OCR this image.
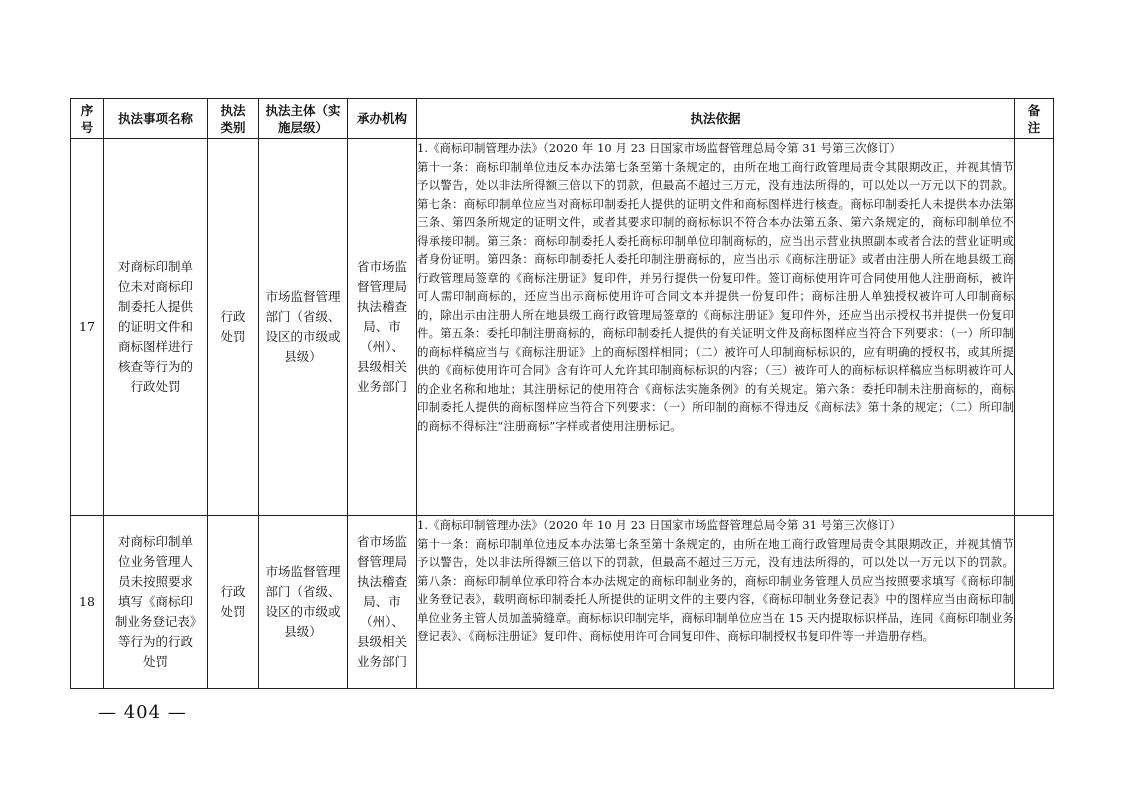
序号	执法事项名称	执法类别	执法主体（实施层级）	承办机构	执法依据	备注
17	对商标印制单位未对商标印制委托人提供的证明文件和商标图样进行核查等行为的行政处罚	行政处罚	市场监督管理部门（省级、设区的市级或县级）	省市场监督管理局执法稽查局、市（州）、县级相关业务部门	1.《商标印制管理办法》（2020 年 10 月 23 日国家市场监督管理总局令第 31 号第三次修订）
第十一条：商标印制单位违反本办法第七条至第十条规定的，由所在地工商行政管理局责令其限期改正，并视其情节予以警告，处以非法所得额三倍以下的罚款，但最高不超过三万元，没有违法所得的，可以处以一万元以下的罚款。第七条：商标印制单位应当对商标印制委托人提供的证明文件和商标图样进行核查。商标印制委托人未提供本办法第三条、第四条所规定的证明文件，或者其要求印制的商标标识不符合本办法第五条、第六条规定的，商标印制单位不得承接印制。第三条：商标印制委托人委托商标印制单位印制商标的，应当出示营业执照副本或者合法的营业证明或者身份证明。第四条：商标印制委托人委托印制注册商标的，应当出示《商标注册证》或者由注册人所在地县级工商行政管理局签章的《商标注册证》复印件，并另行提供一份复印件。签订商标使用许可合同使用他人注册商标，被许可人需印制商标的，还应当出示商标使用许可合同文本并提供一份复印件；商标注册人单独授权被许可人印制商标的，除出示由注册人所在地县级工商行政管理局签章的《商标注册证》复印件外，还应当出示授权书并提供一份复印件。第五条：委托印制注册商标的，商标印制委托人提供的有关证明文件及商标图样应当符合下列要求：（一）所印制的商标样稿应当与《商标注册证》上的商标图样相同；（二）被许可人印制商标标识的，应有明确的授权书，或其所提供的《商标使用许可合同》含有许可人允许其印制商标标识的内容；（三）被许可人的商标标识样稿应当标明被许可人的企业名称和地址；其注册标记的使用符合《商标法实施条例》的有关规定。第六条：委托印制未注册商标的，商标印制委托人提供的商标图样应当符合下列要求：（一）所印制的商标不得违反《商标法》第十条的规定；（二）所印制的商标不得标注“注册商标”字样或者使用注册标记。	

18	对商标印制单位业务管理人员未按照要求填写《商标印制业务登记表》等行为的行政处罚	行政处罚	市场监督管理部门（省级、设区的市级或县级）	省市场监督管理局执法稽查局、市（州）、县级相关业务部门	1.《商标印制管理办法》（2020 年 10 月 23 日国家市场监督管理总局令第 31 号第三次修订）
第十一条：商标印制单位违反本办法第七条至第十条规定的，由所在地工商行政管理局责令其限期改正，并视其情节予以警告，处以非法所得额三倍以下的罚款，但最高不超过三万元，没有违法所得的，可以处以一万元以下的罚款。第八条：商标印制单位承印符合本办法规定的商标印制业务的，商标印制业务管理人员应当按照要求填写《商标印制业务登记表》，载明商标印制委托人所提供的证明文件的主要内容，《商标印制业务登记表》中的图样应当由商标印制单位业务主管人员加盖骑缝章。商标标识印制完毕，商标印制单位应当在 15 天内提取标识样品，连同《商标印制业务登记表》、《商标注册证》复印件、商标使用许可合同复印件、商标印制授权书复印件等一并造册存档。	

— 404 —
